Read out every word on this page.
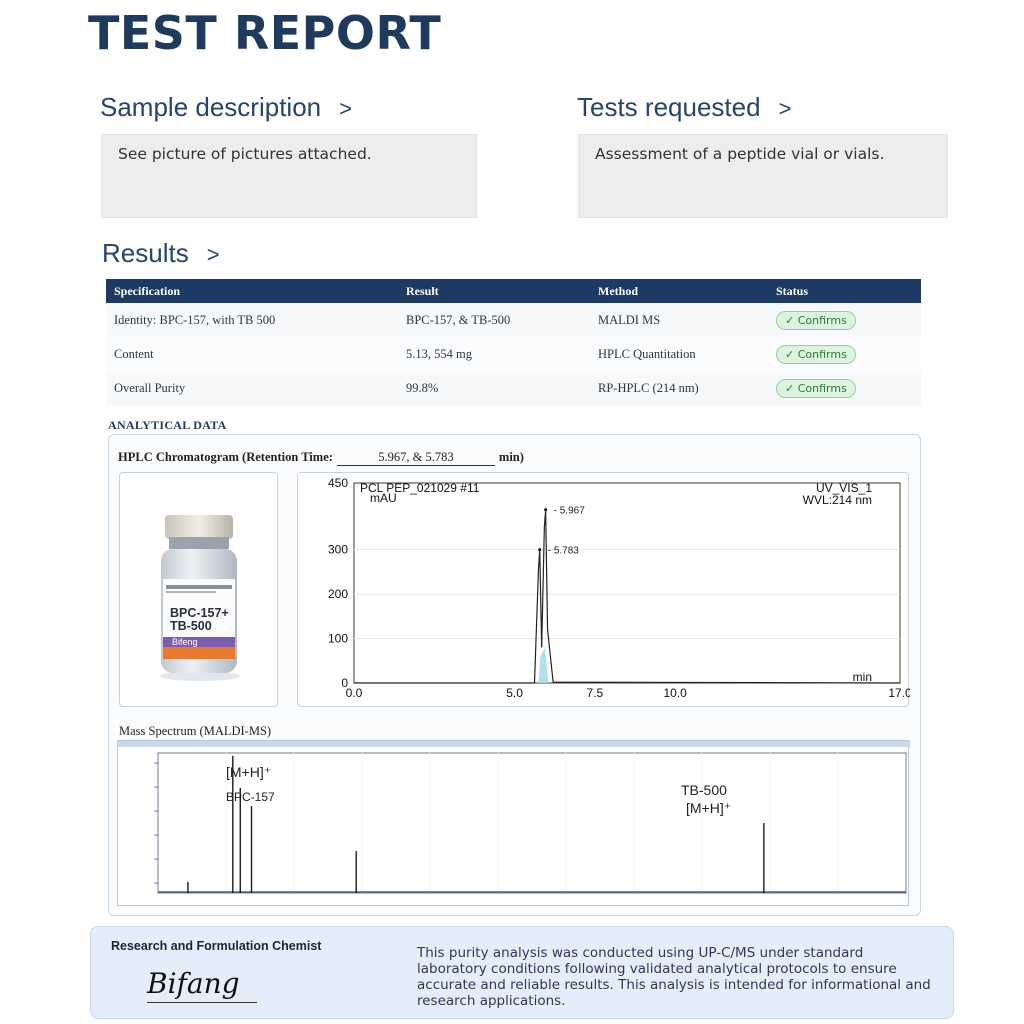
TEST REPORT
Sample description >
See picture of pictures attached.
Tests requested >
Assessment of a peptide vial or vials.
Results >
Specification	Result	Method	Status
Identity: BPC-157, with TB 500	BPC-157, & TB-500	MALDI MS	✓ Confirms
Content	5.13, 554 mg	HPLC Quantitation	✓ Confirms
Overall Purity	99.8%	RP-HPLC (214 nm)	✓ Confirms
ANALYTICAL DATA
HPLC Chromatogram (Retention Time:	5.967, & 5.783	min)
BPC-157+
TB-500
Bifeng
PCL PEP_021029 #11
mAU
UV_VIS_1
WVL:214 nm
min
450
300
200
100
0
0.0	5.0	7.5	10.0	17.0
- 5.783
- 5.967
Mass Spectrum (MALDI-MS)
[M+H]⁺
BPC-157	TB-500
[M+H]⁺
Research and Formulation Chemist
Bifang
This purity analysis was conducted using UP-C/MS under standard laboratory conditions following validated analytical protocols to ensure accurate and reliable results. This analysis is intended for informational and research applications.
